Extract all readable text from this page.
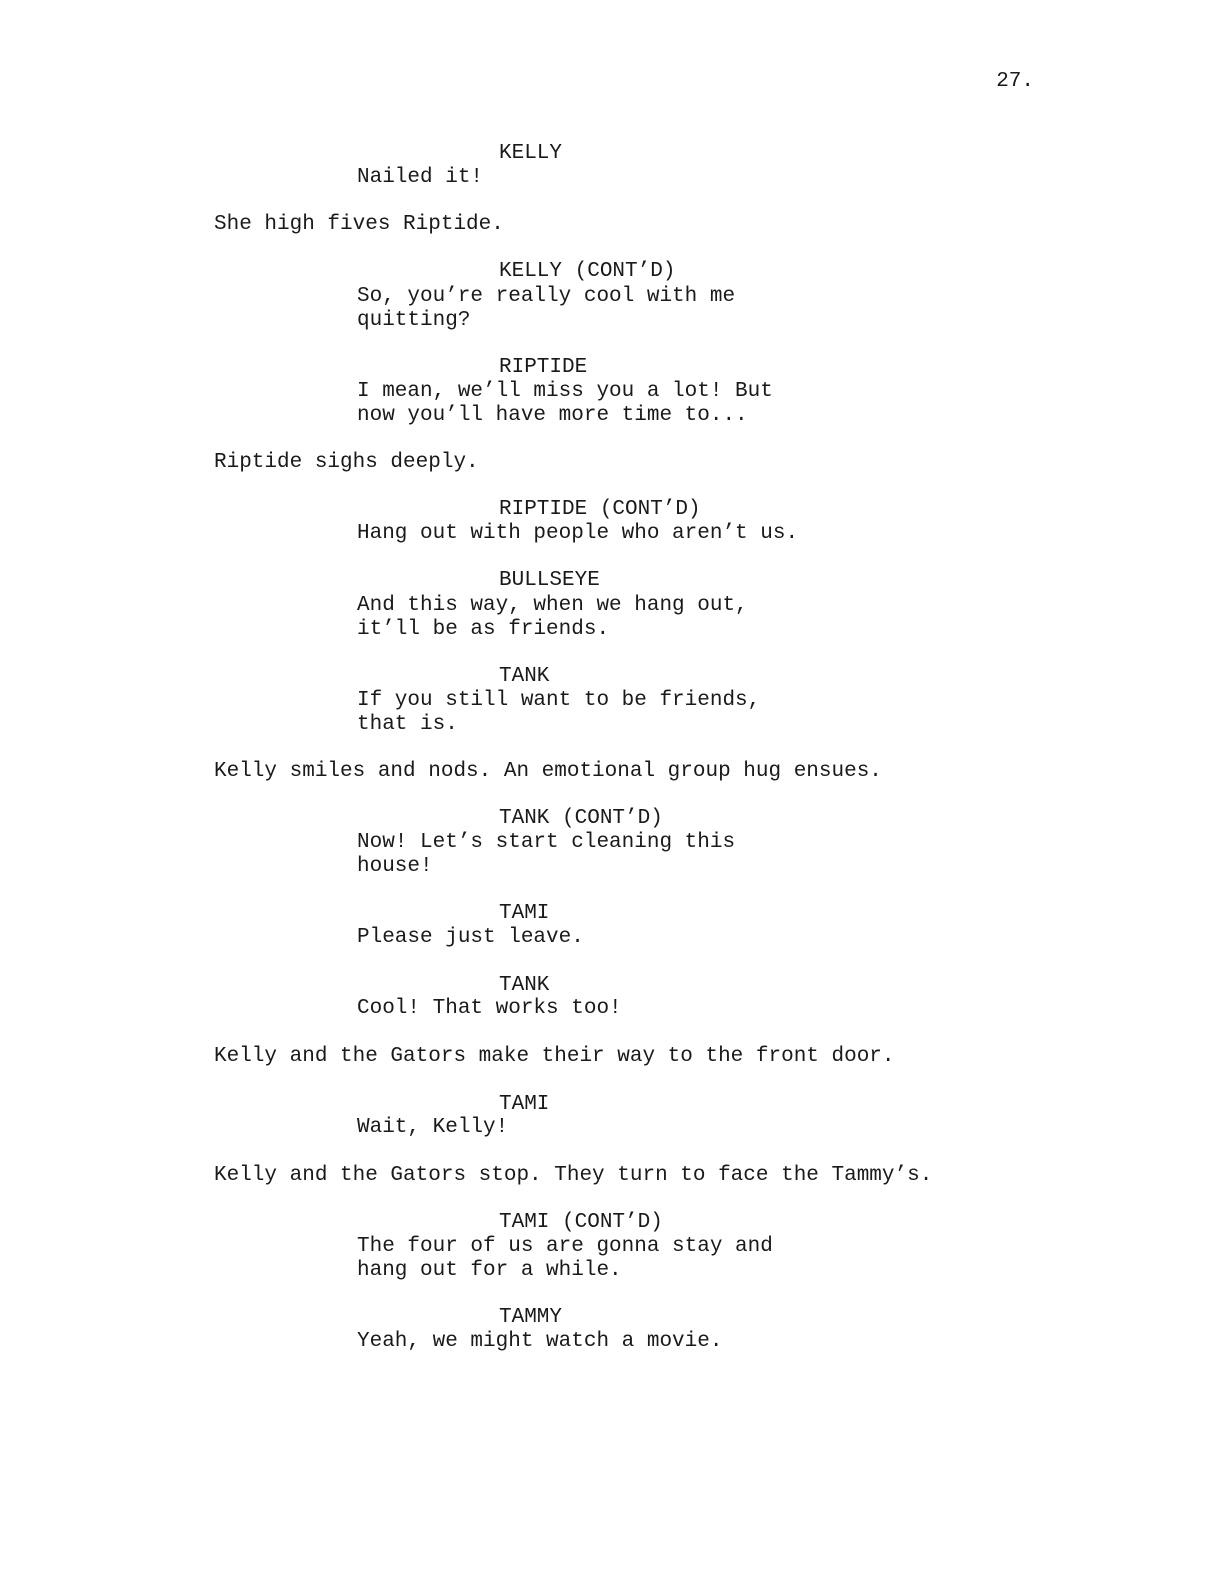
27.
KELLY
Nailed it!
She high fives Riptide.
KELLY (CONT’D)
So, you’re really cool with me
quitting?
RIPTIDE
I mean, we’ll miss you a lot! But
now you’ll have more time to...
Riptide sighs deeply.
RIPTIDE (CONT’D)
Hang out with people who aren’t us.
BULLSEYE
And this way, when we hang out,
it’ll be as friends.
TANK
If you still want to be friends,
that is.
Kelly smiles and nods. An emotional group hug ensues.
TANK (CONT’D)
Now! Let’s start cleaning this
house!
TAMI
Please just leave.
TANK
Cool! That works too!
Kelly and the Gators make their way to the front door.
TAMI
Wait, Kelly!
Kelly and the Gators stop. They turn to face the Tammy’s.
TAMI (CONT’D)
The four of us are gonna stay and
hang out for a while.
TAMMY
Yeah, we might watch a movie.
